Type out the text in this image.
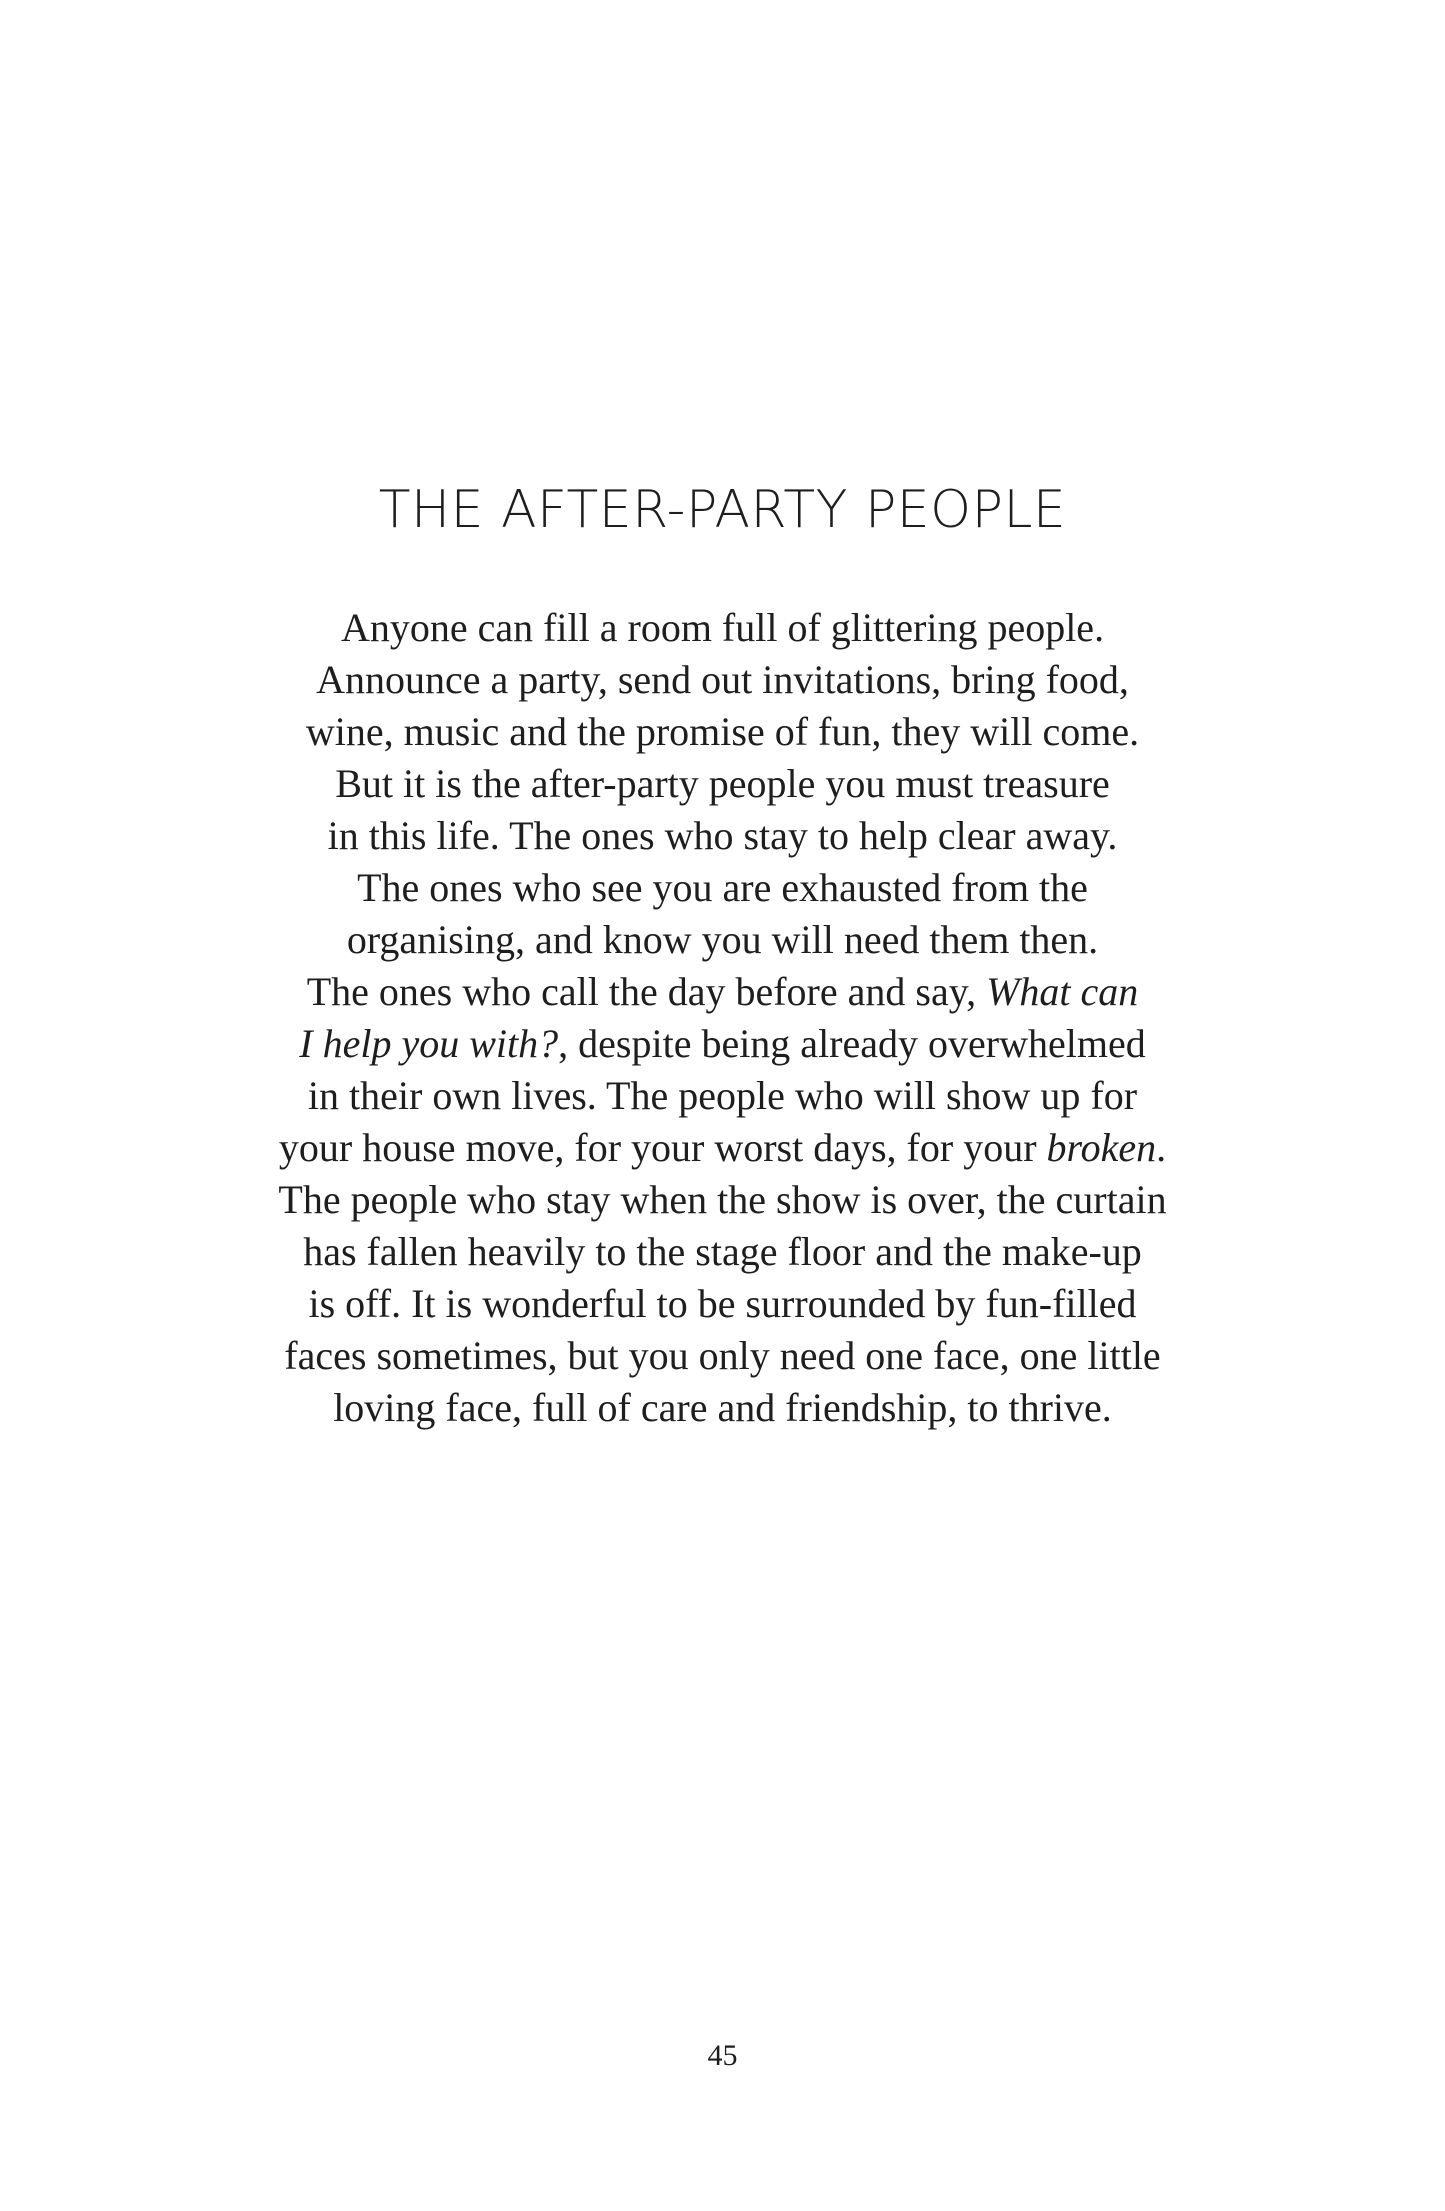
THE AFTER-PARTY PEOPLE
Anyone can fill a room full of glittering people.
Announce a party, send out invitations, bring food,
wine, music and the promise of fun, they will come.
But it is the after-party people you must treasure
in this life. The ones who stay to help clear away.
The ones who see you are exhausted from the
organising, and know you will need them then.
The ones who call the day before and say, What can
I help you with?, despite being already overwhelmed
in their own lives. The people who will show up for
your house move, for your worst days, for your broken.
The people who stay when the show is over, the curtain
has fallen heavily to the stage floor and the make-up
is off. It is wonderful to be surrounded by fun-filled
faces sometimes, but you only need one face, one little
loving face, full of care and friendship, to thrive.
45
